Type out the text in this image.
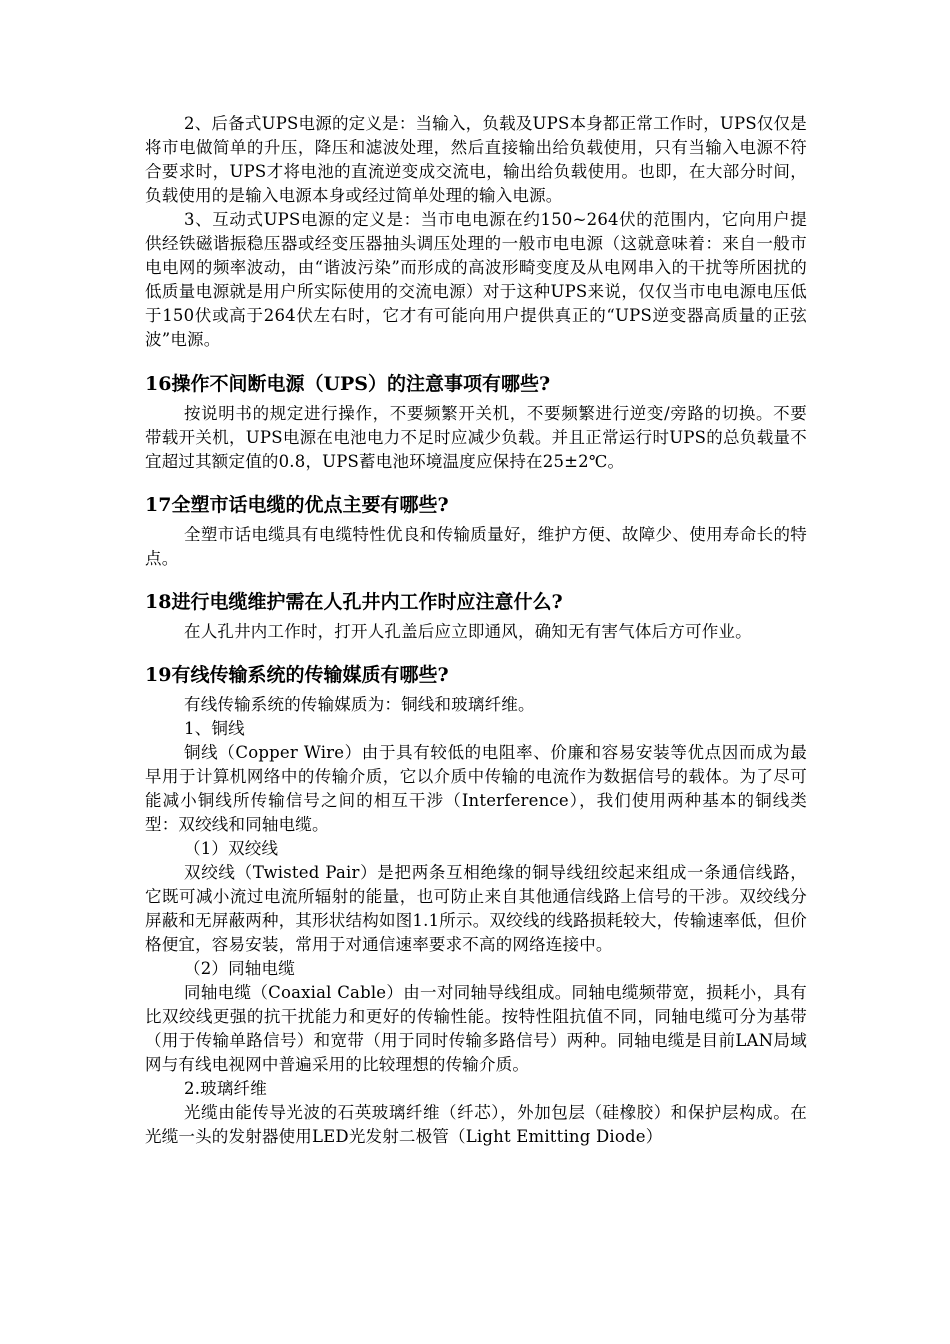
2、后备式UPS电源的定义是：当输入，负载及UPS本身都正常工作时，UPS仅仅是将市电做简单的升压，降压和滤波处理，然后直接输出给负载使用，只有当输入电源不符合要求时，UPS才将电池的直流逆变成交流电，输出给负载使用。也即，在大部分时间，负载使用的是输入电源本身或经过简单处理的输入电源。

3、互动式UPS电源的定义是：当市电电源在约150~264伏的范围内，它向用户提供经铁磁谐振稳压器或经变压器抽头调压处理的一般市电电源（这就意味着：来自一般市电电网的频率波动，由“谐波污染”而形成的高波形畸变度及从电网串入的干扰等所困扰的低质量电源就是用户所实际使用的交流电源）对于这种UPS来说，仅仅当市电电源电压低于150伏或高于264伏左右时，它才有可能向用户提供真正的“UPS逆变器高质量的正弦波”电源。

16操作不间断电源（UPS）的注意事项有哪些?

按说明书的规定进行操作，不要频繁开关机，不要频繁进行逆变/旁路的切换。不要带载开关机，UPS电源在电池电力不足时应减少负载。并且正常运行时UPS的总负载量不宜超过其额定值的0.8，UPS蓄电池环境温度应保持在25±2℃。

17全塑市话电缆的优点主要有哪些?

全塑市话电缆具有电缆特性优良和传输质量好，维护方便、故障少、使用寿命长的特点。

18进行电缆维护需在人孔井内工作时应注意什么?

在人孔井内工作时，打开人孔盖后应立即通风，确知无有害气体后方可作业。

19有线传输系统的传输媒质有哪些?

有线传输系统的传输媒质为：铜线和玻璃纤维。

1、铜线

铜线（Copper Wire）由于具有较低的电阻率、价廉和容易安装等优点因而成为最早用于计算机网络中的传输介质，它以介质中传输的电流作为数据信号的载体。为了尽可能减小铜线所传输信号之间的相互干涉（Interference），我们使用两种基本的铜线类型：双绞线和同轴电缆。

（1）双绞线

双绞线（Twisted Pair）是把两条互相绝缘的铜导线纽绞起来组成一条通信线路，它既可减小流过电流所辐射的能量，也可防止来自其他通信线路上信号的干涉。双绞线分屏蔽和无屏蔽两种，其形状结构如图1.1所示。双绞线的线路损耗较大，传输速率低，但价格便宜，容易安装，常用于对通信速率要求不高的网络连接中。

（2）同轴电缆

同轴电缆（Coaxial Cable）由一对同轴导线组成。同轴电缆频带宽，损耗小，具有比双绞线更强的抗干扰能力和更好的传输性能。按特性阻抗值不同，同轴电缆可分为基带（用于传输单路信号）和宽带（用于同时传输多路信号）两种。同轴电缆是目前LAN局域网与有线电视网中普遍采用的比较理想的传输介质。

2.玻璃纤维

光缆由能传导光波的石英玻璃纤维（纤芯），外加包层（硅橡胶）和保护层构成。在光缆一头的发射器使用LED光发射二极管（Light Emitting Diode）
